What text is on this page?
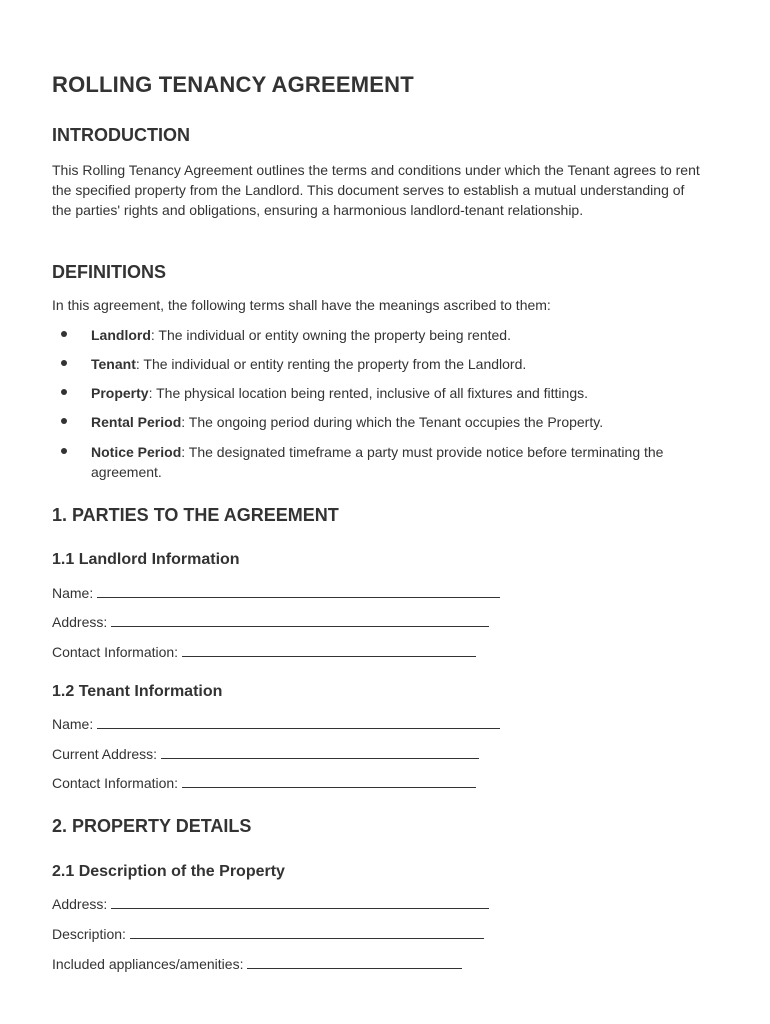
ROLLING TENANCY AGREEMENT
INTRODUCTION

This Rolling Tenancy Agreement outlines the terms and conditions under which the Tenant agrees to rent the specified property from the Landlord. This document serves to establish a mutual understanding of the parties' rights and obligations, ensuring a harmonious landlord-tenant relationship.

DEFINITIONS
In this agreement, the following terms shall have the meanings ascribed to them:
Landlord: The individual or entity owning the property being rented.
Tenant: The individual or entity renting the property from the Landlord.
Property: The physical location being rented, inclusive of all fixtures and fittings.
Rental Period: The ongoing period during which the Tenant occupies the Property.
Notice Period: The designated timeframe a party must provide notice before terminating the agreement.
1. PARTIES TO THE AGREEMENT
1.1 Landlord Information
Name:
Address:
Contact Information:
1.2 Tenant Information
Name:
Current Address:
Contact Information:
2. PROPERTY DETAILS
2.1 Description of the Property
Address:
Description:
Included appliances/amenities:
